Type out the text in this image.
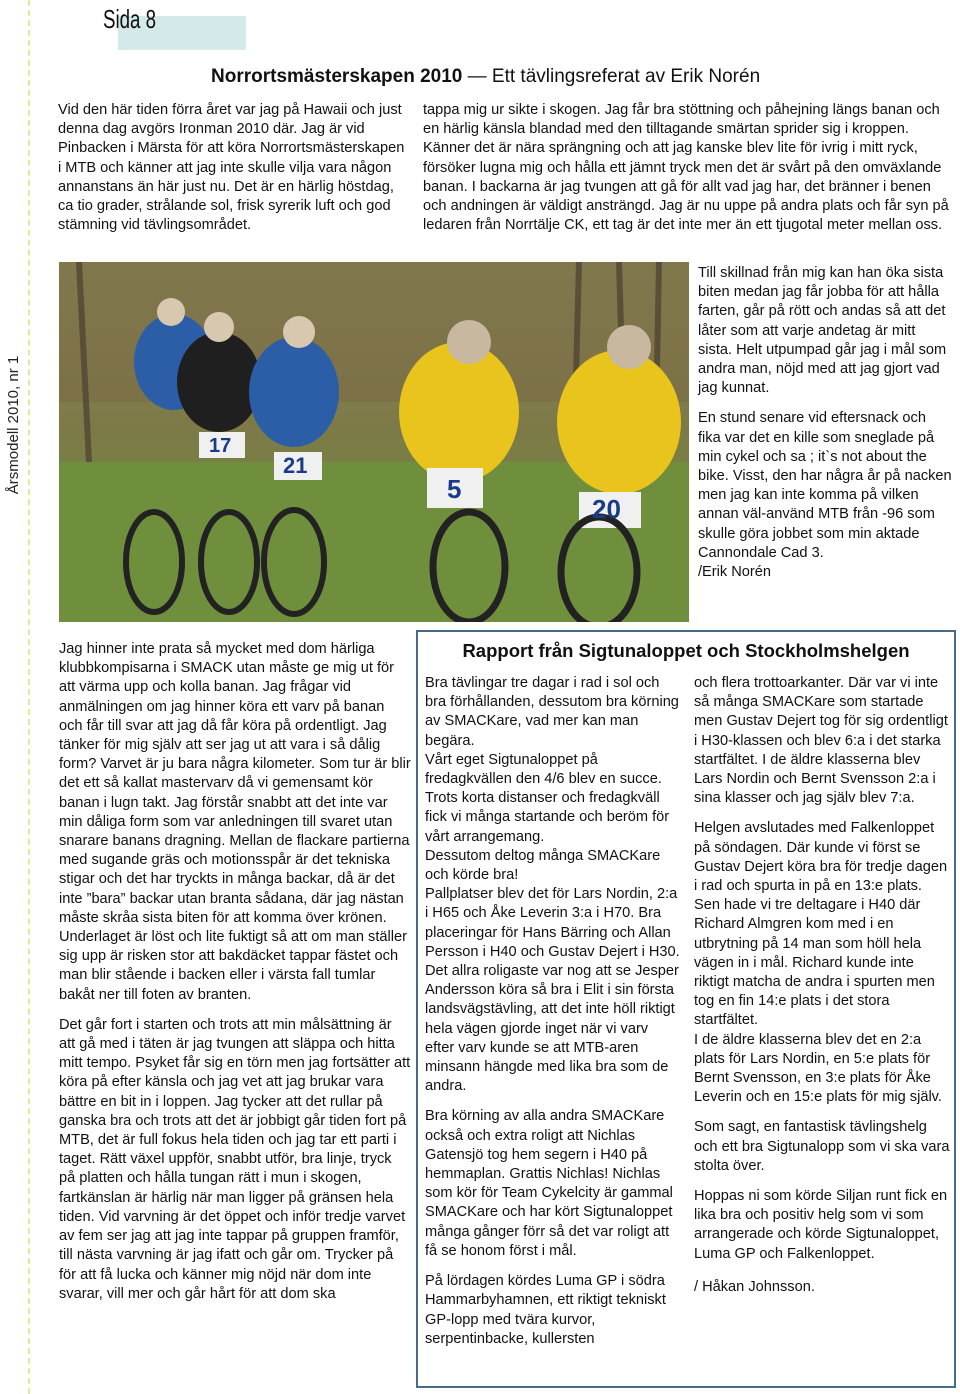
Årsmodell 2010, nr 1
Sida 8
Norrortsmästerskapen 2010 — Ett tävlingsreferat av Erik Norén

Vid den här tiden förra året var jag på Hawaii och just denna dag avgörs Ironman 2010 där. Jag är vid Pinbacken i Märsta för att köra Norrortsmästerskapen i MTB och känner att jag inte skulle vilja vara någon annanstans än här just nu. Det är en härlig höstdag, ca tio grader, strålande sol, frisk syrerik luft och god stämning vid tävlingsområdet.

tappa mig ur sikte i skogen. Jag får bra stöttning och påhejning längs banan och en härlig känsla blandad med den tilltagande smärtan sprider sig i kroppen. Känner det är nära sprängning och att jag kanske blev lite för ivrig i mitt ryck, försöker lugna mig och hålla ett jämnt tryck men det är svårt på den omväxlande banan. I backarna är jag tvungen att gå för allt vad jag har, det bränner i benen och andningen är väldigt ansträngd. Jag är nu uppe på andra plats och får syn på ledaren från Norrtälje CK, ett tag är det inte mer än ett tjugotal meter mellan oss.

17
21
5
20

Till skillnad från mig kan han öka sista biten medan jag får jobba för att hålla farten, går på rött och andas så att det låter som att varje andetag är mitt sista. Helt utpumpad går jag i mål som andra man, nöjd med att jag gjort vad jag kunnat.

En stund senare vid eftersnack och fika var det en kille som sneglade på min cykel och sa ; it`s not about the bike. Visst, den har några år på nacken men jag kan inte komma på vilken annan väl-använd MTB från -96 som skulle göra jobbet som min aktade Cannondale Cad 3.

/Erik Norén

Jag hinner inte prata så mycket med dom härliga klubbkompisarna i SMACK utan måste ge mig ut för att värma upp och kolla banan. Jag frågar vid anmälningen om jag hinner köra ett varv på banan och får till svar att jag då får köra på ordentligt. Jag tänker för mig själv att ser jag ut att vara i så dålig form? Varvet är ju bara några kilometer. Som tur är blir det ett så kallat mastervarv då vi gemensamt kör banan i lugn takt. Jag förstår snabbt att det inte var min dåliga form som var anledningen till svaret utan snarare banans dragning. Mellan de flackare partierna med sugande gräs och motionsspår är det tekniska stigar och det har tryckts in många backar, då är det inte ”bara” backar utan branta sådana, där jag nästan måste skråa sista biten för att komma över krönen. Underlaget är löst och lite fuktigt så att om man ställer sig upp är risken stor att bakdäcket tappar fästet och man blir stående i backen eller i värsta fall tumlar bakåt ner till foten av branten.

Det går fort i starten och trots att min målsättning är att gå med i täten är jag tvungen att släppa och hitta mitt tempo. Psyket får sig en törn men jag fortsätter att köra på efter känsla och jag vet att jag brukar vara bättre en bit in i loppen. Jag tycker att det rullar på ganska bra och trots att det är jobbigt går tiden fort på MTB, det är full fokus hela tiden och jag tar ett parti i taget. Rätt växel uppför, snabbt utför, bra linje, tryck på platten och hålla tungan rätt i mun i skogen, fartkänslan är härlig när man ligger på gränsen hela tiden. Vid varvning är det öppet och inför tredje varvet av fem ser jag att jag inte tappar på gruppen framför, till nästa varvning är jag ifatt och går om. Trycker på för att få lucka och känner mig nöjd när dom inte svarar, vill mer och går hårt för att dom ska

Rapport från Sigtunaloppet och Stockholmshelgen

Bra tävlingar tre dagar i rad i sol och bra förhållanden, dessutom bra körning av SMACKare, vad mer kan man begära.

Vårt eget Sigtunaloppet på fredagkvällen den 4/6 blev en succe.

Trots korta distanser och fredagkväll fick vi många startande och beröm för vårt arrangemang.

Dessutom deltog många SMACKare och körde bra!

Pallplatser blev det för Lars Nordin, 2:a i H65 och Åke Leverin 3:a i H70. Bra placeringar för Hans Bärring och Allan Persson i H40 och Gustav Dejert i H30. Det allra roligaste var nog att se Jesper Andersson köra så bra i Elit i sin första landsvägstävling, att det inte höll riktigt hela vägen gjorde inget när vi varv efter varv kunde se att MTB-aren minsann hängde med lika bra som de andra.

Bra körning av alla andra SMACKare också och extra roligt att Nichlas Gatensjö tog hem segern i H40 på hemmaplan. Grattis Nichlas! Nichlas som kör för Team Cykelcity är gammal SMACKare och har kört Sigtunaloppet många gånger förr så det var roligt att få se honom först i mål.

På lördagen kördes Luma GP i södra Hammarbyhamnen, ett riktigt tekniskt GP-lopp med tvära kurvor, serpentinbacke, kullersten

och flera trottoarkanter. Där var vi inte så många SMACKare som startade men Gustav Dejert tog för sig ordentligt i H30-klassen och blev 6:a i det starka startfältet. I de äldre klasserna blev Lars Nordin och Bernt Svensson 2:a i sina klasser och jag själv blev 7:a.

Helgen avslutades med Falkenloppet på söndagen. Där kunde vi först se Gustav Dejert köra bra för tredje dagen i rad och spurta in på en 13:e plats.

Sen hade vi tre deltagare i H40 där Richard Almgren kom med i en utbrytning på 14 man som höll hela vägen in i mål. Richard kunde inte riktigt matcha de andra i spurten men tog en fin 14:e plats i det stora startfältet.

I de äldre klasserna blev det en 2:a plats för Lars Nordin, en 5:e plats för Bernt Svensson, en 3:e plats för Åke Leverin och en 15:e plats för mig själv.

Som sagt, en fantastisk tävlingshelg och ett bra Sigtunalopp som vi ska vara stolta över.

Hoppas ni som körde Siljan runt fick en lika bra och positiv helg som vi som arrangerade och körde Sigtunaloppet, Luma GP och Falkenloppet.

/ Håkan Johnsson.
